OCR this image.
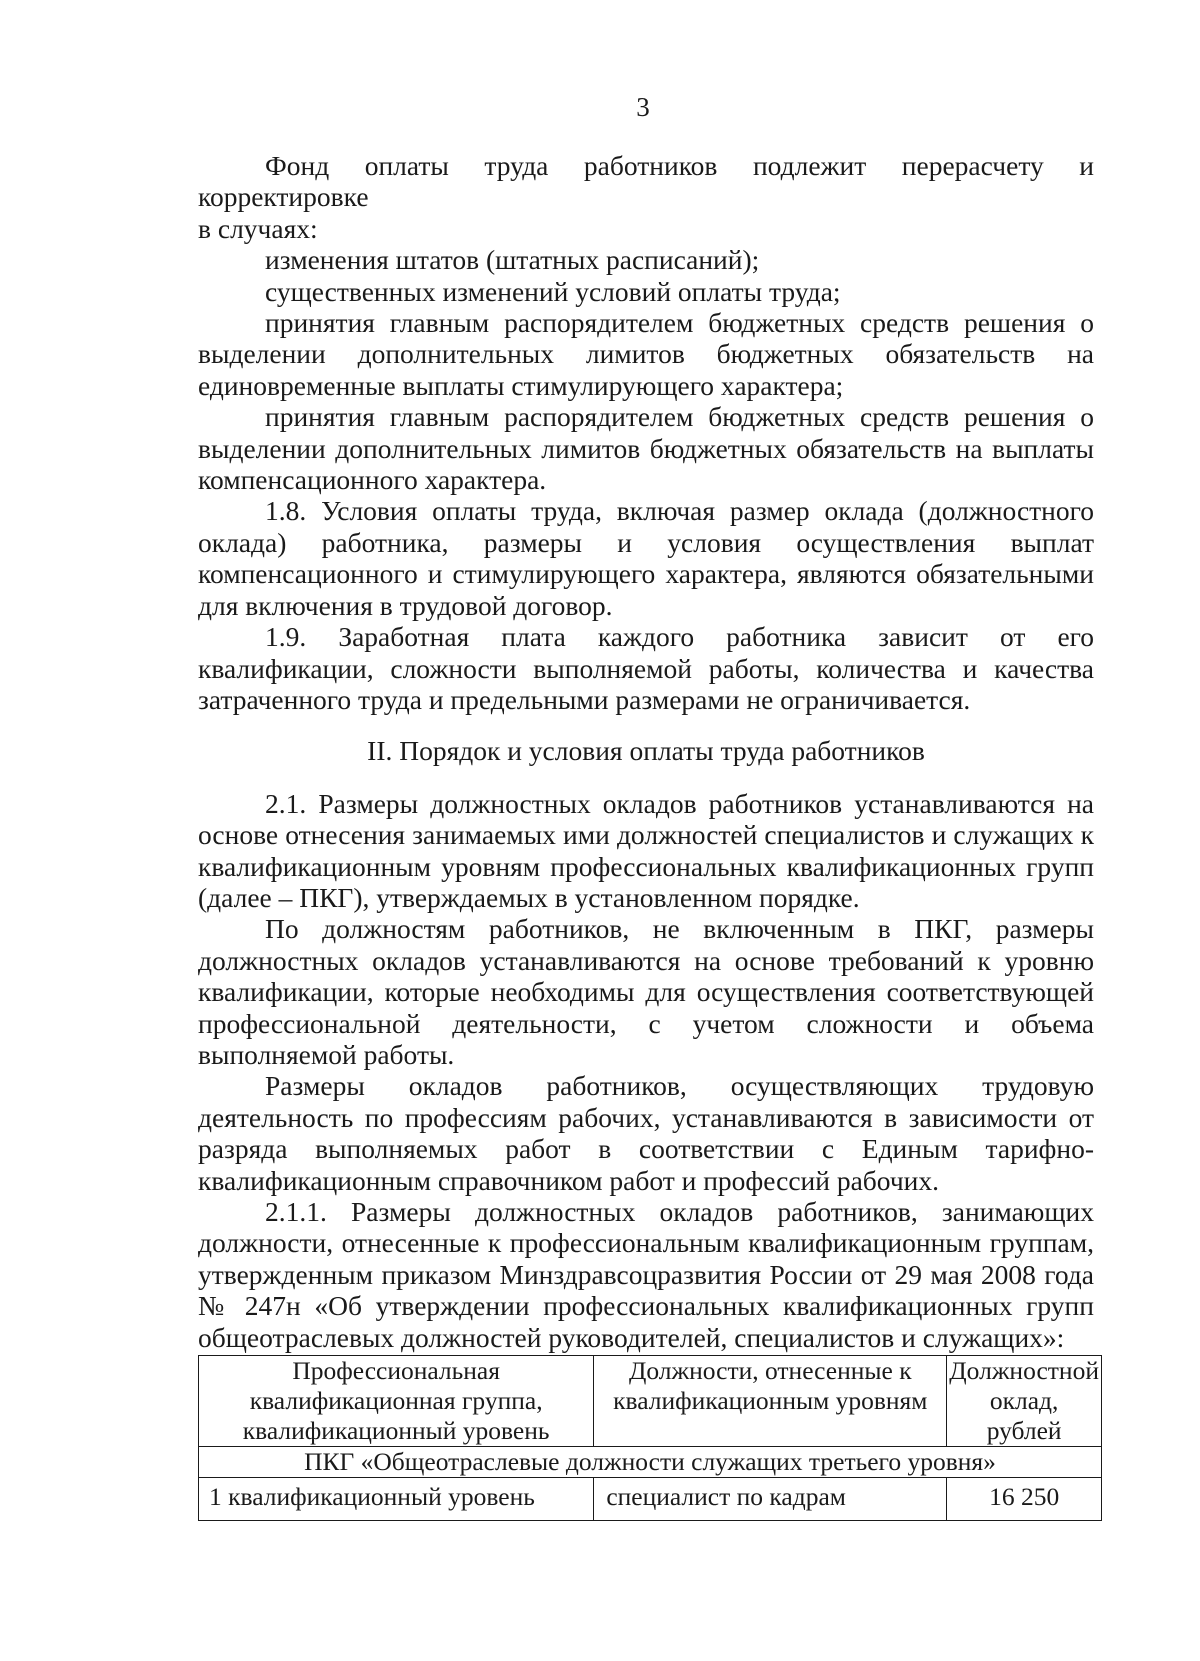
3

Фонд оплаты труда работников подлежит перерасчету и корректировке

в случаях:

изменения штатов (штатных расписаний);

существенных изменений условий оплаты труда;

принятия главным распорядителем бюджетных средств решения о выделении дополнительных лимитов бюджетных обязательств на единовременные выплаты стимулирующего характера;

принятия главным распорядителем бюджетных средств решения о выделении дополнительных лимитов бюджетных обязательств на выплаты компенсационного характера.

1.8. Условия оплаты труда, включая размер оклада (должностного оклада) работника, размеры и условия осуществления выплат компенсационного и стимулирующего характера, являются обязательными для включения в трудовой договор.

1.9. Заработная плата каждого работника зависит от его квалификации, сложности выполняемой работы, количества и качества затраченного труда и предельными размерами не ограничивается.

II. Порядок и условия оплаты труда работников

2.1. Размеры должностных окладов работников устанавливаются на основе отнесения занимаемых ими должностей специалистов и служащих к квалификационным уровням профессиональных квалификационных групп (далее – ПКГ), утверждаемых в установленном порядке.

По должностям работников, не включенным в ПКГ, размеры должностных окладов устанавливаются на основе требований к уровню квалификации, которые необходимы для осуществления соответствующей профессиональной деятельности, с учетом сложности и объема выполняемой работы.

Размеры окладов работников, осуществляющих трудовую деятельность по профессиям рабочих, устанавливаются в зависимости от разряда выполняемых работ в соответствии с Единым тарифно-квалификационным справочником работ и профессий рабочих.

2.1.1. Размеры должностных окладов работников, занимающих должности, отнесенные к профессиональным квалификационным группам, утвержденным приказом Минздравсоцразвития России от 29 мая 2008 года № 247н «Об утверждении профессиональных квалификационных групп общеотраслевых должностей руководителей, специалистов и служащих»:

Профессиональная квалификационная группа, квалификационный уровень	Должности, отнесенные к квалификационным уровням	Должностной оклад, рублей
ПКГ «Общеотраслевые должности служащих третьего уровня»		
1 квалификационный уровень	специалист по кадрам	16 250
